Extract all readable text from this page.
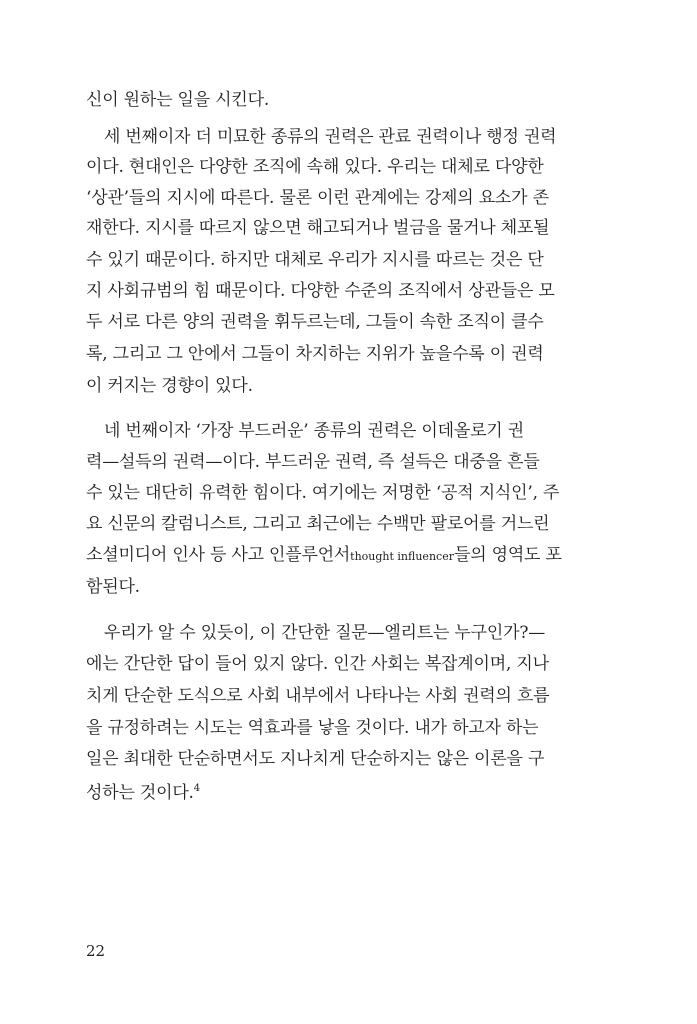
신이 원하는 일을 시킨다.
세 번째이자 더 미묘한 종류의 권력은 관료 권력이나 행정 권력
이다. 현대인은 다양한 조직에 속해 있다. 우리는 대체로 다양한
‘상관’들의 지시에 따른다. 물론 이런 관계에는 강제의 요소가 존
재한다. 지시를 따르지 않으면 해고되거나 벌금을 물거나 체포될
수 있기 때문이다. 하지만 대체로 우리가 지시를 따르는 것은 단
지 사회규범의 힘 때문이다. 다양한 수준의 조직에서 상관들은 모
두 서로 다른 양의 권력을 휘두르는데, 그들이 속한 조직이 클수
록, 그리고 그 안에서 그들이 차지하는 지위가 높을수록 이 권력
이 커지는 경향이 있다.
네 번째이자 ‘가장 부드러운’ 종류의 권력은 이데올로기 권
력—설득의 권력—이다. 부드러운 권력, 즉 설득은 대중을 흔들
수 있는 대단히 유력한 힘이다. 여기에는 저명한 ‘공적 지식인’, 주
요 신문의 칼럼니스트, 그리고 최근에는 수백만 팔로어를 거느린
소셜미디어 인사 등 사고 인플루언서thought influencer들의 영역도 포
함된다.
우리가 알 수 있듯이, 이 간단한 질문—엘리트는 누구인가?—
에는 간단한 답이 들어 있지 않다. 인간 사회는 복잡계이며, 지나
치게 단순한 도식으로 사회 내부에서 나타나는 사회 권력의 흐름
을 규정하려는 시도는 역효과를 낳을 것이다. 내가 하고자 하는
일은 최대한 단순하면서도 지나치게 단순하지는 않은 이론을 구
성하는 것이다.$^4$
22
